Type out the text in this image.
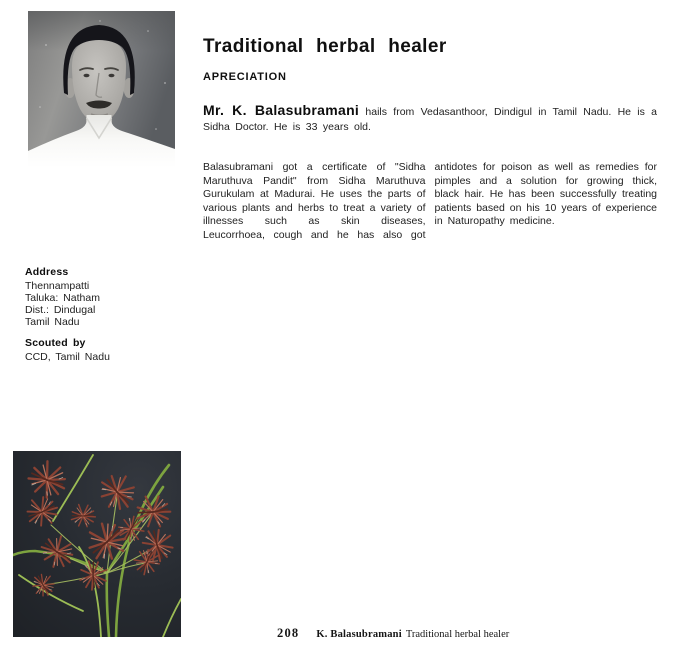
Traditional herbal healer
APRECIATION

Mr. K. Balasubramani hails from Vedasanthoor, Dindigul in Tamil Nadu. He is a Sidha Doctor. He is 33 years old.

Balasubramani got a certificate of "Sidha Maruthuva Pandit" from Sidha Maruthuva Gurukulam at Madurai. He uses the parts of various plants and herbs to treat a variety of illnesses such as skin diseases, Leucorrhoea, cough and he has also got

antidotes for poison as well as remedies for pimples and a solution for growing thick, black hair. He has been successfully treating patients based on his 10 years of experience in Naturopathy medicine.

Address
Thennampatti
Taluka: Natham
Dist.: Dindugal
Tamil Nadu
Scouted by
CCD, Tamil Nadu
208 K. Balasubramani Traditional herbal healer
